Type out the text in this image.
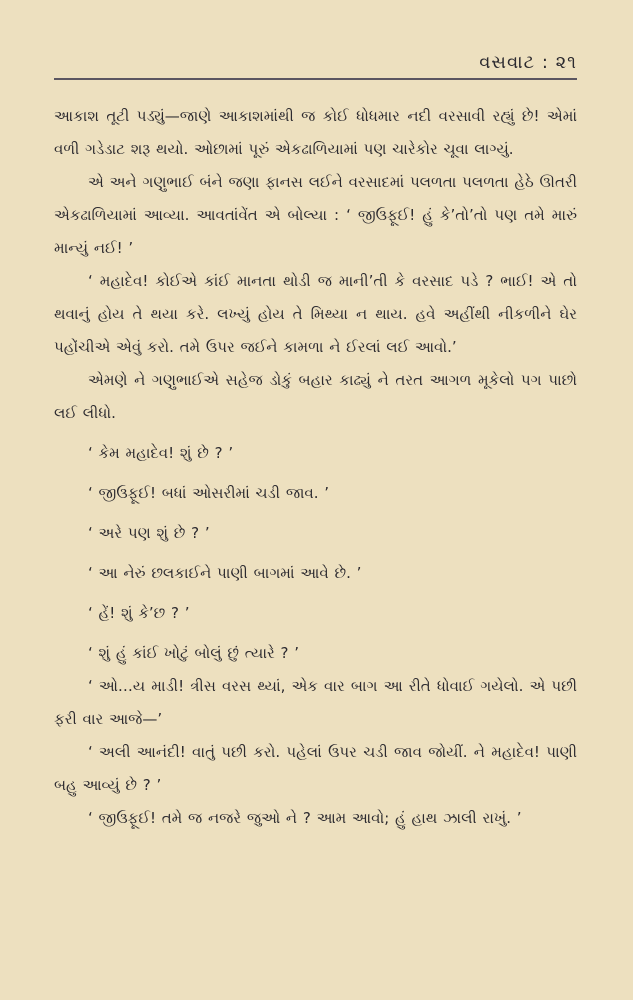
વસવાટ : ૨૧

આકાશ તૂટી પડ્યું—જાણે આકાશમાંથી જ કોઈ ધોધમાર નદી વરસાવી રહ્યું છે! એમાં વળી ગડેડાટ શરૂ થયો. ઓછામાં પૂરું એકઢાળિયામાં પણ ચારેકોર ચૂવા લાગ્યું.

એ અને ગણુભાઈ બંને જણા ફાનસ લઈને વરસાદમાં પલળતા પલળતા હેઠે ઊતરી એકઢાળિયામાં આવ્યા. આવતાંવેંત એ બોલ્યા : ‘ જીઉફૂઈ! હું કે’તો’તો પણ તમે મારું માન્યું નઈ! ’

‘ મહાદેવ! કોઈએ કાંઈ માનતા થોડી જ માની’તી કે વરસાદ પડે ? ભાઈ! એ તો થવાનું હોય તે થયા કરે. લખ્યું હોય તે મિથ્યા ન થાય. હવે અહીંથી નીકળીને ઘેર પહોંચીએ એવું કરો. તમે ઉપર જઈને કામળા ને ઈરલાં લઈ આવો.’

એમણે ને ગણુભાઈએ સહેજ ડોકું બહાર કાઢ્યું ને તરત આગળ મૂકેલો પગ પાછો લઈ લીધો.

‘ કેમ મહાદેવ! શું છે ? ’

‘ જીઉફૂઈ! બધાં ઓસરીમાં ચડી જાવ. ’

‘ અરે પણ શું છે ? ’

‘ આ નેરું છલકાઈને પાણી બાગમાં આવે છે. ’

‘ હેં! શું કે’છ ? ’

‘ શું હું કાંઈ ખોટું બોલું છું ત્યારે ? ’

‘ ઓ…ય માડી! ત્રીસ વરસ થ્યાં, એક વાર બાગ આ રીતે ધોવાઈ ગયેલો. એ પછી ફરી વાર આજે—’

‘ અલી આનંદી! વાતું પછી કરો. પહેલાં ઉપર ચડી જાવ જોયીં. ને મહાદેવ! પાણી બહુ આવ્યું છે ? ’

‘ જીઉફૂઈ! તમે જ નજરે જુઓ ને ? આમ આવો; હું હાથ ઝાલી રાખું. ’
